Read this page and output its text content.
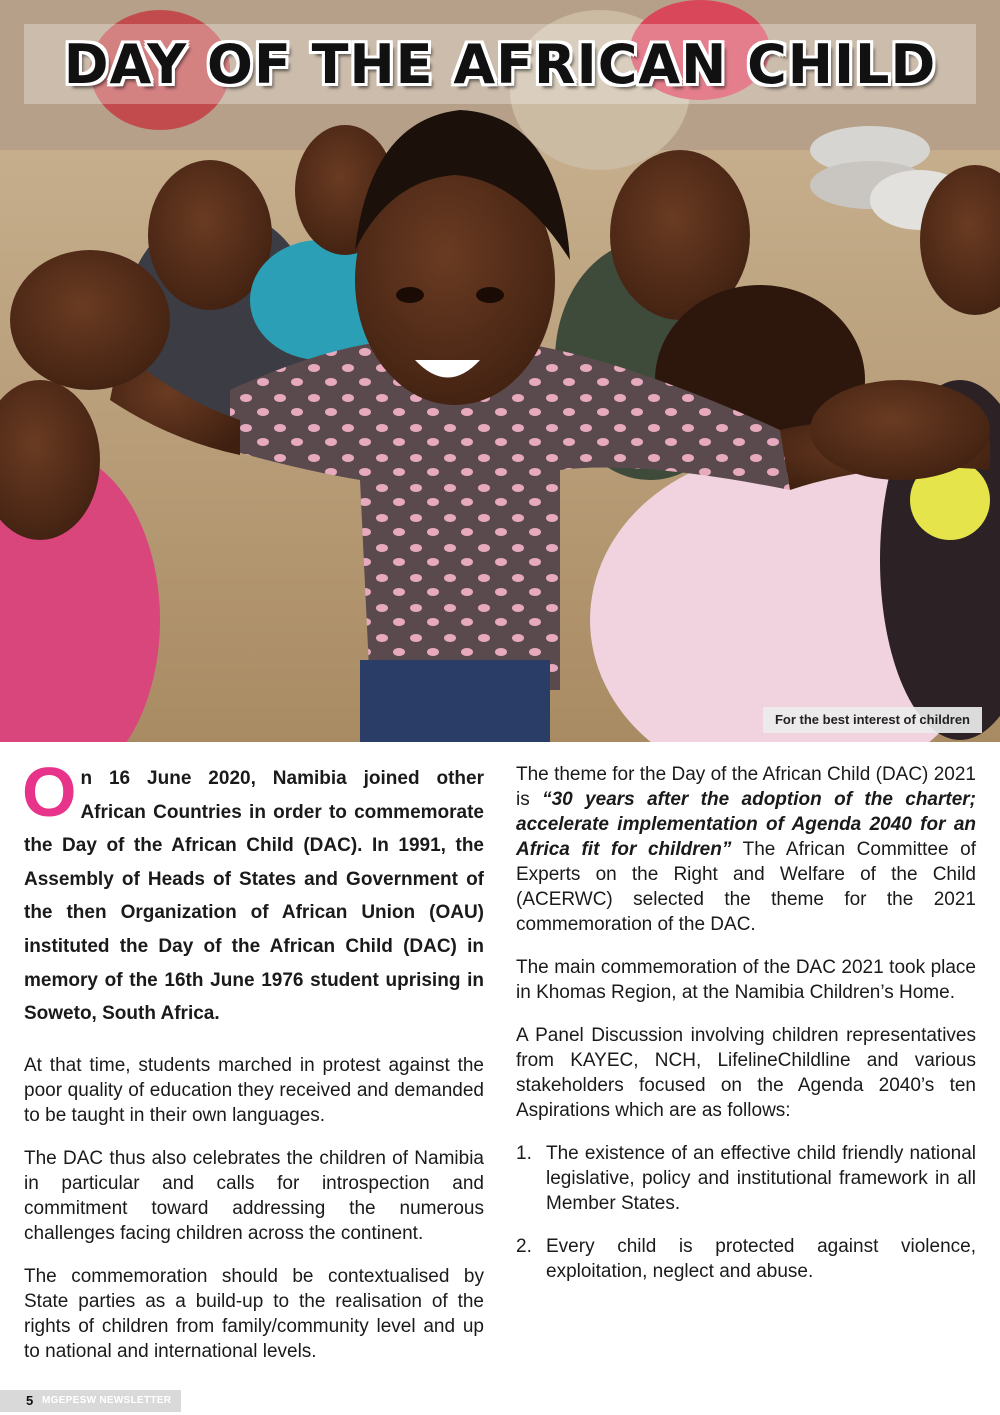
DAY OF THE AFRICAN CHILD
For the best interest of children

On 16 June 2020, Namibia joined other African Countries in order to commemorate the Day of the African Child (DAC). In 1991, the Assembly of Heads of States and Government of the then Organization of African Union (OAU) instituted the Day of the African Child (DAC) in memory of the 16th June 1976 student uprising in Soweto, South Africa.

At that time, students marched in protest against the poor quality of education they received and demanded to be taught in their own languages.

The DAC thus also celebrates the children of Namibia in particular and calls for introspection and commitment toward addressing the numerous challenges facing children across the continent.

The commemoration should be contextualised by State parties as a build-up to the realisation of the rights of children from family/community level and up to national and international levels.

The theme for the Day of the African Child (DAC) 2021 is “30 years after the adoption of the charter; accelerate implementation of Agenda 2040 for an Africa fit for children” The African Committee of Experts on the Right and Welfare of the Child (ACERWC) selected the theme for the 2021 commemoration of the DAC.

The main commemoration of the DAC 2021 took place in Khomas Region, at the Namibia Children’s Home.

A Panel Discussion involving children representatives from KAYEC, NCH, LifelineChildline and various stakeholders focused on the Agenda 2040’s ten Aspirations which are as follows:

1. The existence of an effective child friendly national legislative, policy and institutional framework in all Member States.
2. Every child is protected against violence, exploitation, neglect and abuse.
5 MGEPESW NEWSLETTER
